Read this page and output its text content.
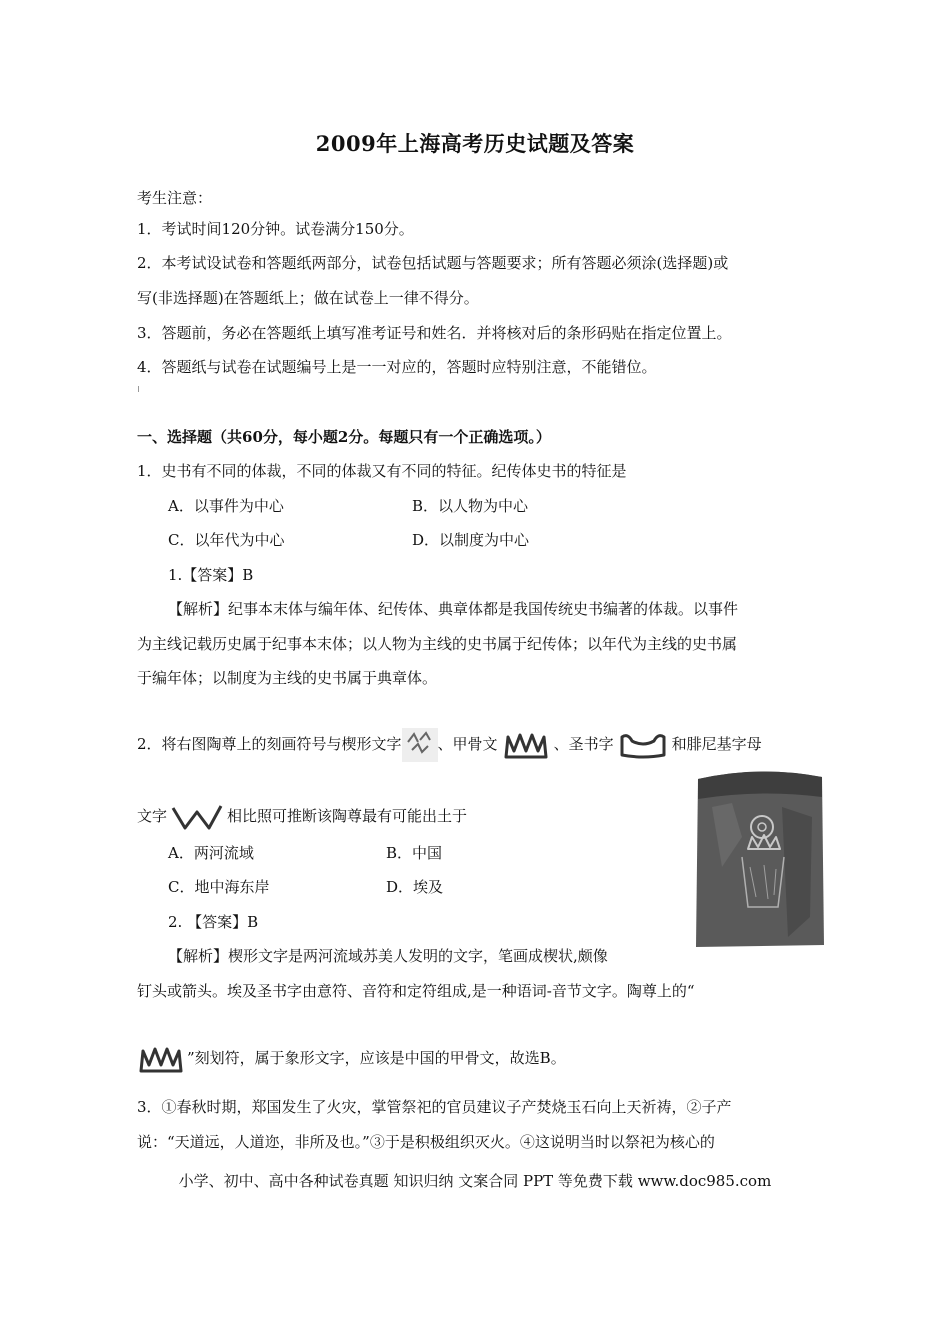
2009年上海高考历史试题及答案
考生注意：
1．考试时间120分钟。试卷满分150分。
2．本考试设试卷和答题纸两部分，试卷包括试题与答题要求；所有答题必须涂(选择题)或
写(非选择题)在答题纸上；做在试卷上一律不得分。
3．答题前，务必在答题纸上填写准考证号和姓名．并将核对后的条形码贴在指定位置上。
4．答题纸与试卷在试题编号上是一一对应的，答题时应特别注意，不能错位。
一、选择题（共60分，每小题2分。每题只有一个正确选项。）
1．史书有不同的体裁，不同的体裁又有不同的特征。纪传体史书的特征是
A．以事件为中心	B．以人物为中心
C．以年代为中心	D．以制度为中心
1.【答案】B
【解析】纪事本末体与编年体、纪传体、典章体都是我国传统史书编著的体裁。以事件
为主线记载历史属于纪事本末体；以人物为主线的史书属于纪传体；以年代为主线的史书属
于编年体；以制度为主线的史书属于典章体。
2．将右图陶尊上的刻画符号与楔形文字 、甲骨文	、圣书字	和腓尼基字母
文字	相比照可推断该陶尊最有可能出土于
A．两河流域	B．中国
C．地中海东岸	D．埃及
2. 【答案】B
【解析】楔形文字是两河流域苏美人发明的文字，笔画成楔状,颇像
钉头或箭头。埃及圣书字由意符、音符和定符组成,是一种语词-音节文字。陶尊上的“
”刻划符，属于象形文字，应该是中国的甲骨文，故选B。
3．①春秋时期，郑国发生了火灾，掌管祭祀的官员建议子产焚烧玉石向上天祈祷，②子产
说：“天道远，人道迩，非所及也。”③于是积极组织灭火。④这说明当时以祭祀为核心的
小学、初中、高中各种试卷真题 知识归纳 文案合同 PPT 等免费下载 www.doc985.com
